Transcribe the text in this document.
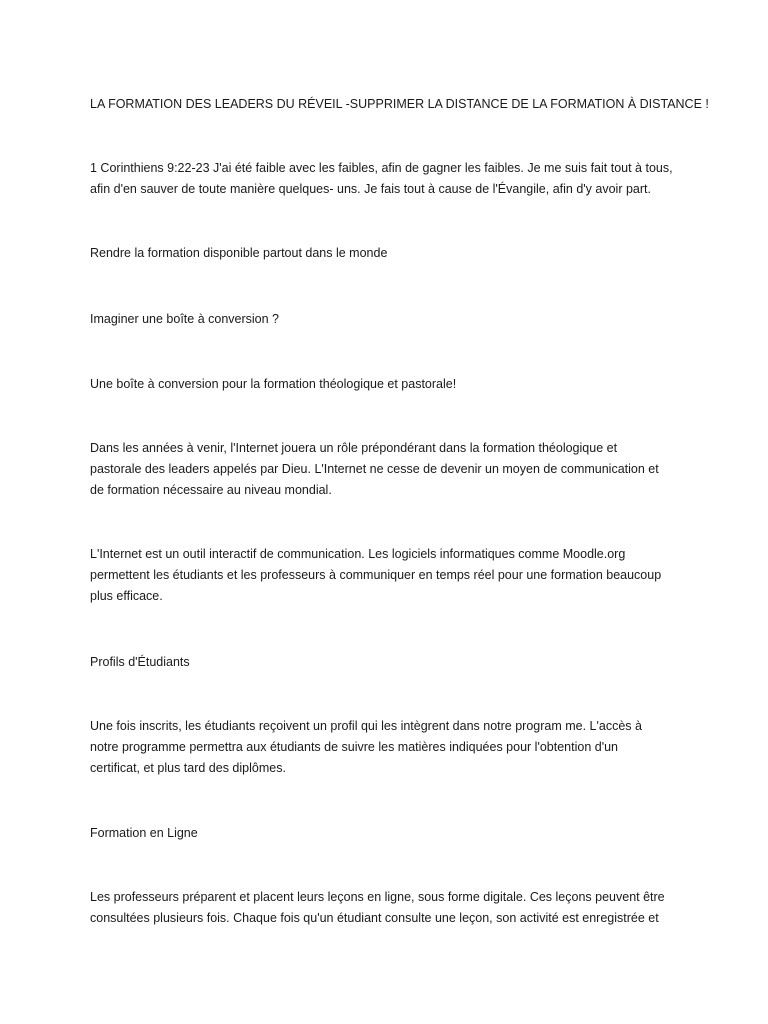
LA FORMATION DES LEADERS DU RÉVEIL -SUPPRIMER LA DISTANCE DE LA FORMATION À DISTANCE !

1 Corinthiens 9:22-23 J'ai été faible avec les faibles, afin de gagner les faibles. Je me suis fait tout à tous,
afin d'en sauver de toute manière quelques- uns. Je fais tout à cause de l'Évangile, afin d'y avoir part.

Rendre la formation disponible partout dans le monde

Imaginer une boîte à conversion ?

Une boîte à conversion pour la formation théologique et pastorale!

Dans les années à venir, l'Internet jouera un rôle prépondérant dans la formation théologique et
pastorale des leaders appelés par Dieu. L'Internet ne cesse de devenir un moyen de communication et
de formation nécessaire au niveau mondial.

L'Internet est un outil interactif de communication. Les logiciels informatiques comme Moodle.org
permettent les étudiants et les professeurs à communiquer en temps réel pour une formation beaucoup
plus efficace.

Profils d'Étudiants

Une fois inscrits, les étudiants reçoivent un profil qui les intègrent dans notre program me. L'accès à
notre programme permettra aux étudiants de suivre les matières indiquées pour l'obtention d'un
certificat, et plus tard des diplômes.

Formation en Ligne

Les professeurs préparent et placent leurs leçons en ligne, sous forme digitale. Ces leçons peuvent être
consultées plusieurs fois. Chaque fois qu'un étudiant consulte une leçon, son activité est enregistrée et
